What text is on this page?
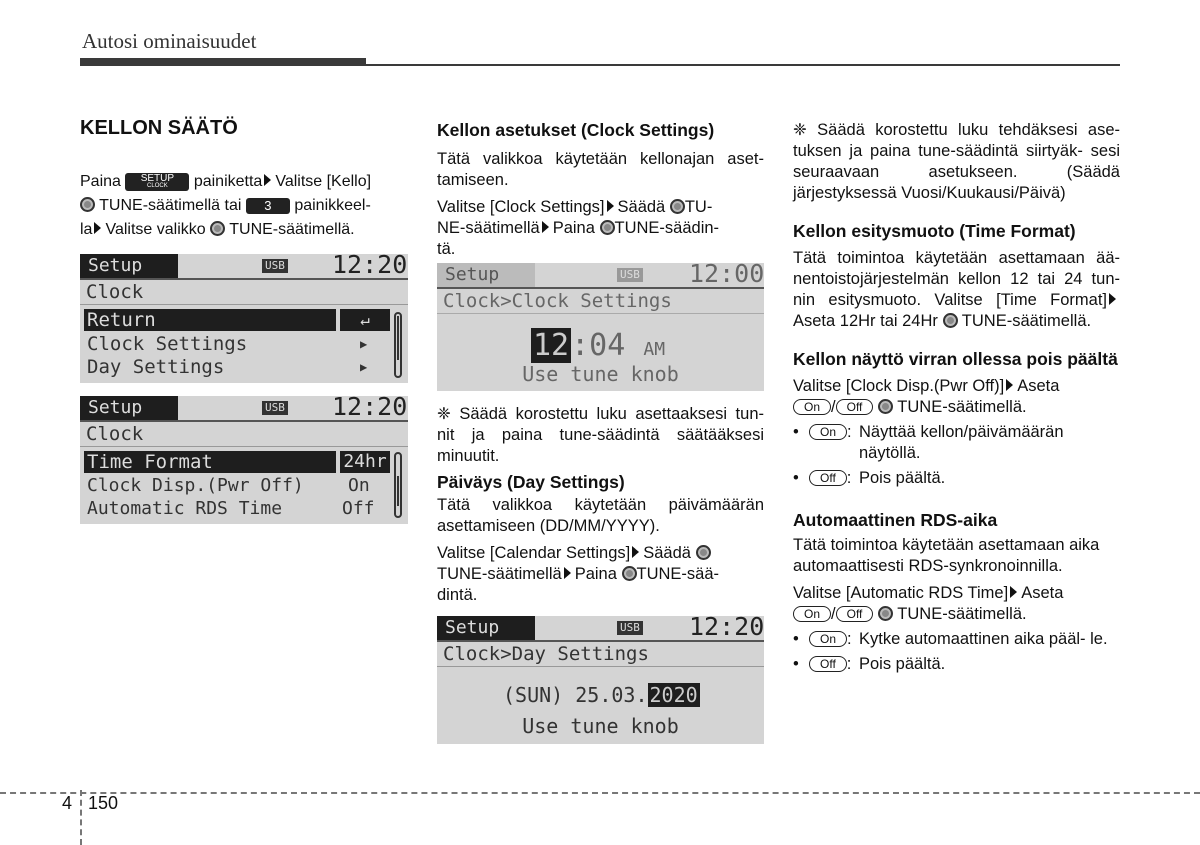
Autosi ominaisuudet

KELLON SÄÄTÖ

Paina	SETUP
CLOCK	painiketta Valitse [Kello]
TUNE-säätimellä tai 3 painikkeel-
la Valitse valikko TUNE-säätimellä.
Setup	USB 12:20
Clock
Return	↵
Clock Settings	▶
Day Settings	▶
Setup	USB 12:20
Clock
Time Format	24hr
Clock Disp.(Pwr Off)	On
Automatic RDS Time	Off

Kellon asetukset (Clock Settings)

Tätä valikkoa käytetään kellonajan aset- tamiseen.

Valitse [Clock Settings] Säädä TU-
NE-säätimellä Paina TUNE-säädin-
tä.
Setup	USB 12:00
Clock>Clock Settings
12:04 AM
Use tune knob

❈ Säädä korostettu luku asettaaksesi tun- nit ja paina tune-säädintä säätääksesi minuutit.

Päiväys (Day Settings)

Tätä valikkoa käytetään päivämäärän asettamiseen (DD/MM/YYYY).

Valitse [Calendar Settings] Säädä
TUNE-säätimellä Paina TUNE-sää-
dintä.
Setup	USB 12:20
Clock>Day Settings
(SUN) 25.03. 2020
Use tune knob

❈ Säädä korostettu luku tehdäksesi ase- tuksen ja paina tune-säädintä siirtyäk- sesi seuraavaan asetukseen. (Säädä järjestyksessä Vuosi/Kuukausi/Päivä)

Kellon esitysmuoto (Time Format)

Tätä toimintoa käytetään asettamaan ää- nentoistojärjestelmän kellon 12 tai 24 tun- nin esitysmuoto. Valitse [Time Format] Aseta 12Hr tai 24Hr TUNE-säätimellä.

Kellon näyttö virran ollessa pois päältä

Valitse [Clock Disp.(Pwr Off)] Aseta
On / Off TUNE-säätimellä.
•	On : Näyttää kellon/päivämäärän näytöllä.
•	Off : Pois päältä.

Automaattinen RDS-aika

Tätä toimintoa käytetään asettamaan aika automaattisesti RDS-synkronoinnilla.

Valitse [Automatic RDS Time] Aseta
On / Off TUNE-säätimellä.
•	On : Kytke automaattinen aika pääl- le.
•	Off : Pois päältä.
4 150
